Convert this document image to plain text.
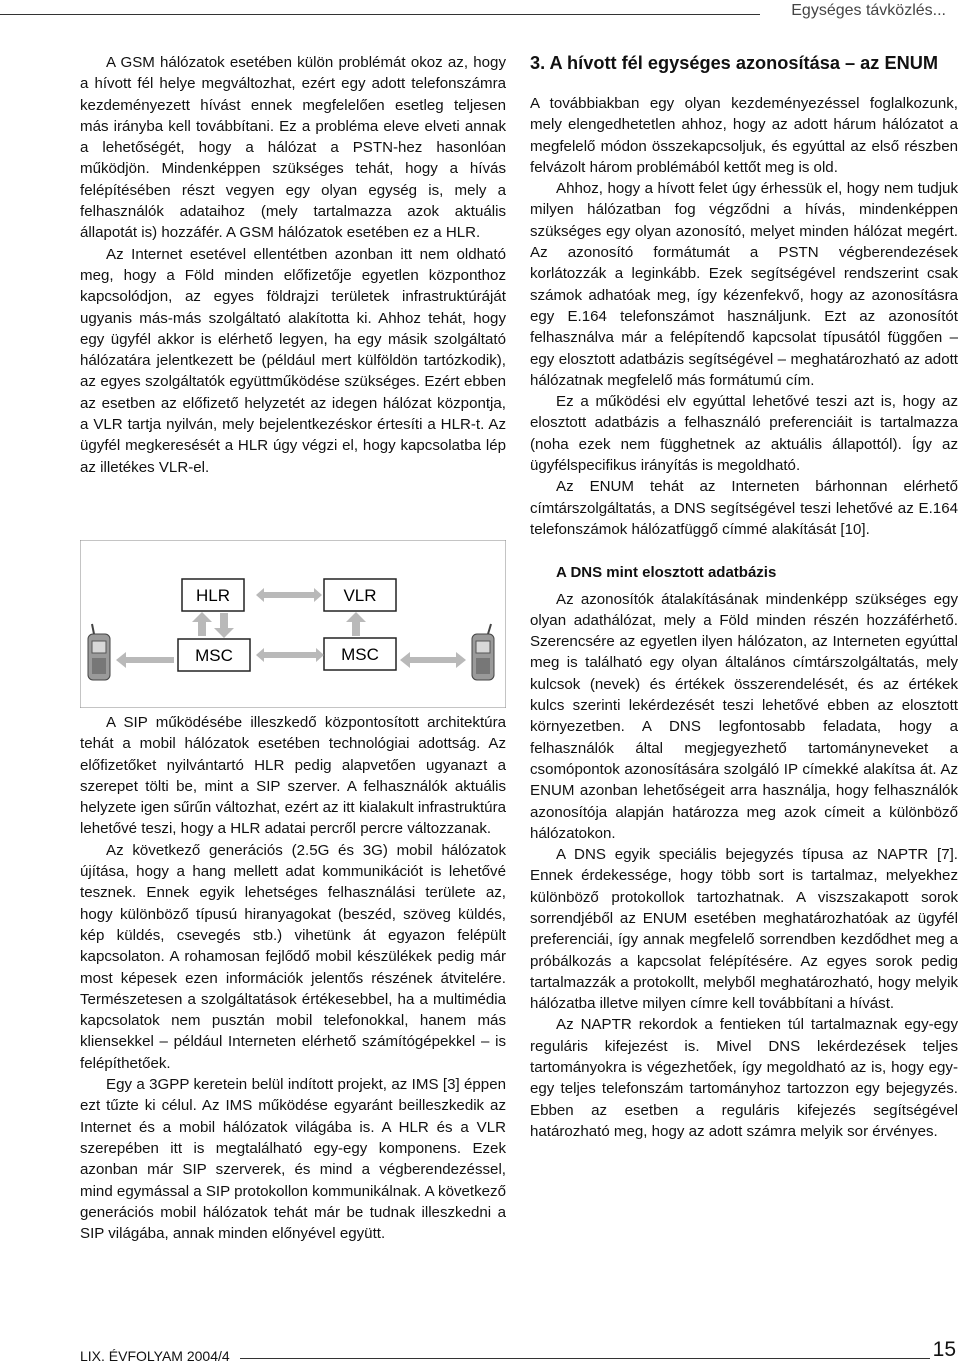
Egységes távközlés...

A GSM hálózatok esetében külön problémát okoz az, hogy a hívott fél helye megváltozhat, ezért egy adott telefonszámra kezdeményezett hívást ennek megfelelően esetleg teljesen más irányba kell továbbítani. Ez a probléma eleve elveti annak a lehetőségét, hogy a hálózat a PSTN-hez hasonlóan működjön. Mindenképpen szükséges tehát, hogy a hívás felépítésében részt vegyen egy olyan egység is, mely a felhasználók adataihoz (mely tartalmazza azok aktuális állapotát is) hozzáfér. A GSM hálózatok esetében ez a HLR.

Az Internet esetével ellentétben azonban itt nem oldható meg, hogy a Föld minden előfizetője egyetlen központhoz kapcsolódjon, az egyes földrajzi területek infrastruktúráját ugyanis más-más szolgáltató alakította ki. Ahhoz tehát, hogy egy ügyfél akkor is elérhető legyen, ha egy másik szolgáltató hálózatára jelentkezett be (például mert külföldön tartózkodik), az egyes szolgáltatók együttműködése szükséges. Ezért ebben az esetben az előfizető helyzetét az idegen hálózat központja, a VLR tartja nyilván, mely bejelentkezéskor értesíti a HLR-t. Az ügyfél megkeresését a HLR úgy végzi el, hogy kapcsolatba lép az illetékes VLR-el.

HLR	VLR
MSC	MSC

A SIP működésébe illeszkedő központosított architektúra tehát a mobil hálózatok esetében technológiai adottság. Az előfizetőket nyilvántartó HLR pedig alapvetően ugyanazt a szerepet tölti be, mint a SIP szerver. A felhasználók aktuális helyzete igen sűrűn változhat, ezért az itt kialakult infrastruktúra lehetővé teszi, hogy a HLR adatai percről percre változzanak.

Az következő generációs (2.5G és 3G) mobil hálózatok újítása, hogy a hang mellett adat kommunikációt is lehetővé tesznek. Ennek egyik lehetséges felhasználási területe az, hogy különböző típusú hiranyagokat (beszéd, szöveg küldés, kép küldés, csevegés stb.) vihetünk át egyazon felépült kapcsolaton. A rohamosan fejlődő mobil készülékek pedig már most képesek ezen információk jelentős részének átvitelére. Természetesen a szolgáltatások értékesebbel, ha a multimédia kapcsolatok nem pusztán mobil telefonokkal, hanem más kliensekkel – például Interneten elérhető számítógépekkel – is felépíthetőek.

Egy a 3GPP keretein belül indított projekt, az IMS [3] éppen ezt tűzte ki célul. Az IMS működése egyaránt beilleszkedik az Internet és a mobil hálózatok világába is. A HLR és a VLR szerepében itt is megtalálható egy-egy komponens. Ezek azonban már SIP szerverek, és mind a végberendezéssel, mind egymással a SIP protokollon kommunikálnak. A következő generációs mobil hálózatok tehát már be tudnak illeszkedni a SIP világába, annak minden előnyével együtt.

3. A hívott fél egységes azonosítása – az ENUM

A továbbiakban egy olyan kezdeményezéssel foglalkozunk, mely elengedhetetlen ahhoz, hogy az adott hárum hálózatot a megfelelő módon összekapcsoljuk, és egyúttal az első részben felvázolt három problémából kettőt meg is old.

Ahhoz, hogy a hívott felet úgy érhessük el, hogy nem tudjuk milyen hálózatban fog végződni a hívás, mindenképpen szükséges egy olyan azonosító, melyet minden hálózat megért. Az azonosító formátumát a PSTN végberendezések korlátozzák a leginkább. Ezek segítségével rendszerint csak számok adhatóak meg, így kézenfekvő, hogy az azonosításra egy E.164 telefonszámot használjunk. Ezt az azonosítót felhasználva már a felépítendő kapcsolat típusától függően – egy elosztott adatbázis segítségével – meghatározható az adott hálózatnak megfelelő más formátumú cím.

Ez a működési elv egyúttal lehetővé teszi azt is, hogy az elosztott adatbázis a felhasználó preferenciáit is tartalmazza (noha ezek nem függhetnek az aktuális állapottól). Így az ügyfélspecifikus irányítás is megoldható.

Az ENUM tehát az Interneten bárhonnan elérhető címtárszolgáltatás, a DNS segítségével teszi lehetővé az E.164 telefonszámok hálózatfüggő címmé alakítását [10].

A DNS mint elosztott adatbázis

Az azonosítók átalakításának mindenképp szükséges egy olyan adathálózat, mely a Föld minden részén hozzáférhető. Szerencsére az egyetlen ilyen hálózaton, az Interneten egyúttal meg is található egy olyan általános címtárszolgáltatás, mely kulcsok (nevek) és értékek összerendelését, és az értékek kulcs szerinti lekérdezését teszi lehetővé ebben az elosztott környezetben. A DNS legfontosabb feladata, hogy a felhasználók által megjegyezhető tartományneveket a csomópontok azonosítására szolgáló IP címekké alakítsa át. Az ENUM azonban lehetőségeit arra használja, hogy felhasználók azonosítója alapján határozza meg azok címeit a különböző hálózatokon.

A DNS egyik speciális bejegyzés típusa az NAPTR [7]. Ennek érdekessége, hogy több sort is tartalmaz, melyekhez különböző protokollok tartozhatnak. A viszszakapott sorok sorrendjéből az ENUM esetében meghatározhatóak az ügyfél preferenciái, így annak megfelelő sorrendben kezdődhet meg a próbálkozás a kapcsolat felépítésére. Az egyes sorok pedig tartalmazzák a protokollt, melyből meghatározható, hogy melyik hálózatba illetve milyen címre kell továbbítani a hívást.

Az NAPTR rekordok a fentieken túl tartalmaznak egy-egy reguláris kifejezést is. Mivel DNS lekérdezések teljes tartományokra is végezhetőek, így megoldható az is, hogy egy-egy teljes telefonszám tartományhoz tartozzon egy bejegyzés. Ebben az esetben a reguláris kifejezés segítségével határozható meg, hogy az adott számra melyik sor érvényes.

LIX. ÉVFOLYAM 2004/4	15
